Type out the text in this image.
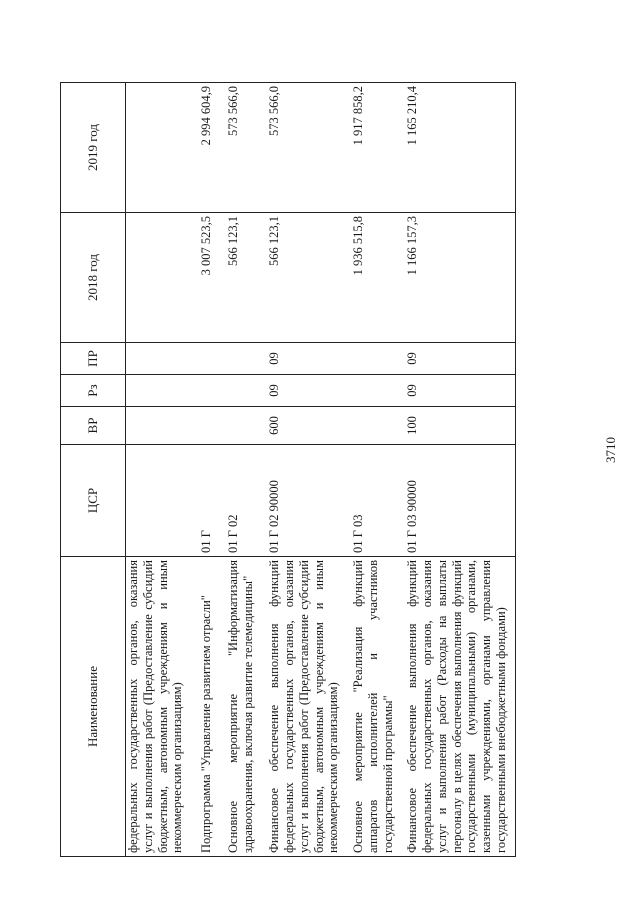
3710
Наименование	ЦСР	ВР	Рз	ПР	2018 год	2019 год
федеральных государственных органов, оказания услуг и выполнения работ (Предоставление субсидий бюджетным, автономным учреждениям и иным некоммерческим организациям)						
Подпрограмма "Управление развитием отрасли"	01 Г				3 007 523,5	2 994 604,9
Основное мероприятие "Информатизация здравоохранения, включая развитие телемедицины"	01 Г 02				566 123,1	573 566,0
Финансовое обеспечение выполнения функций федеральных государственных органов, оказания услуг и выполнения работ (Предоставление субсидий бюджетным, автономным учреждениям и иным некоммерческим организациям)	01 Г 02 90000	600	09	09	566 123,1	573 566,0
Основное мероприятие "Реализация функций аппаратов исполнителей и участников государственной программы"	01 Г 03				1 936 515,8	1 917 858,2
Финансовое обеспечение выполнения функций федеральных государственных органов, оказания услуг и выполнения работ (Расходы на выплаты персоналу в целях обеспечения выполнения функций государственными (муниципальными) органами, казенными учреждениями, органами управления государственными внебюджетными фондами)	01 Г 03 90000	100	09	09	1 166 157,3	1 165 210,4
